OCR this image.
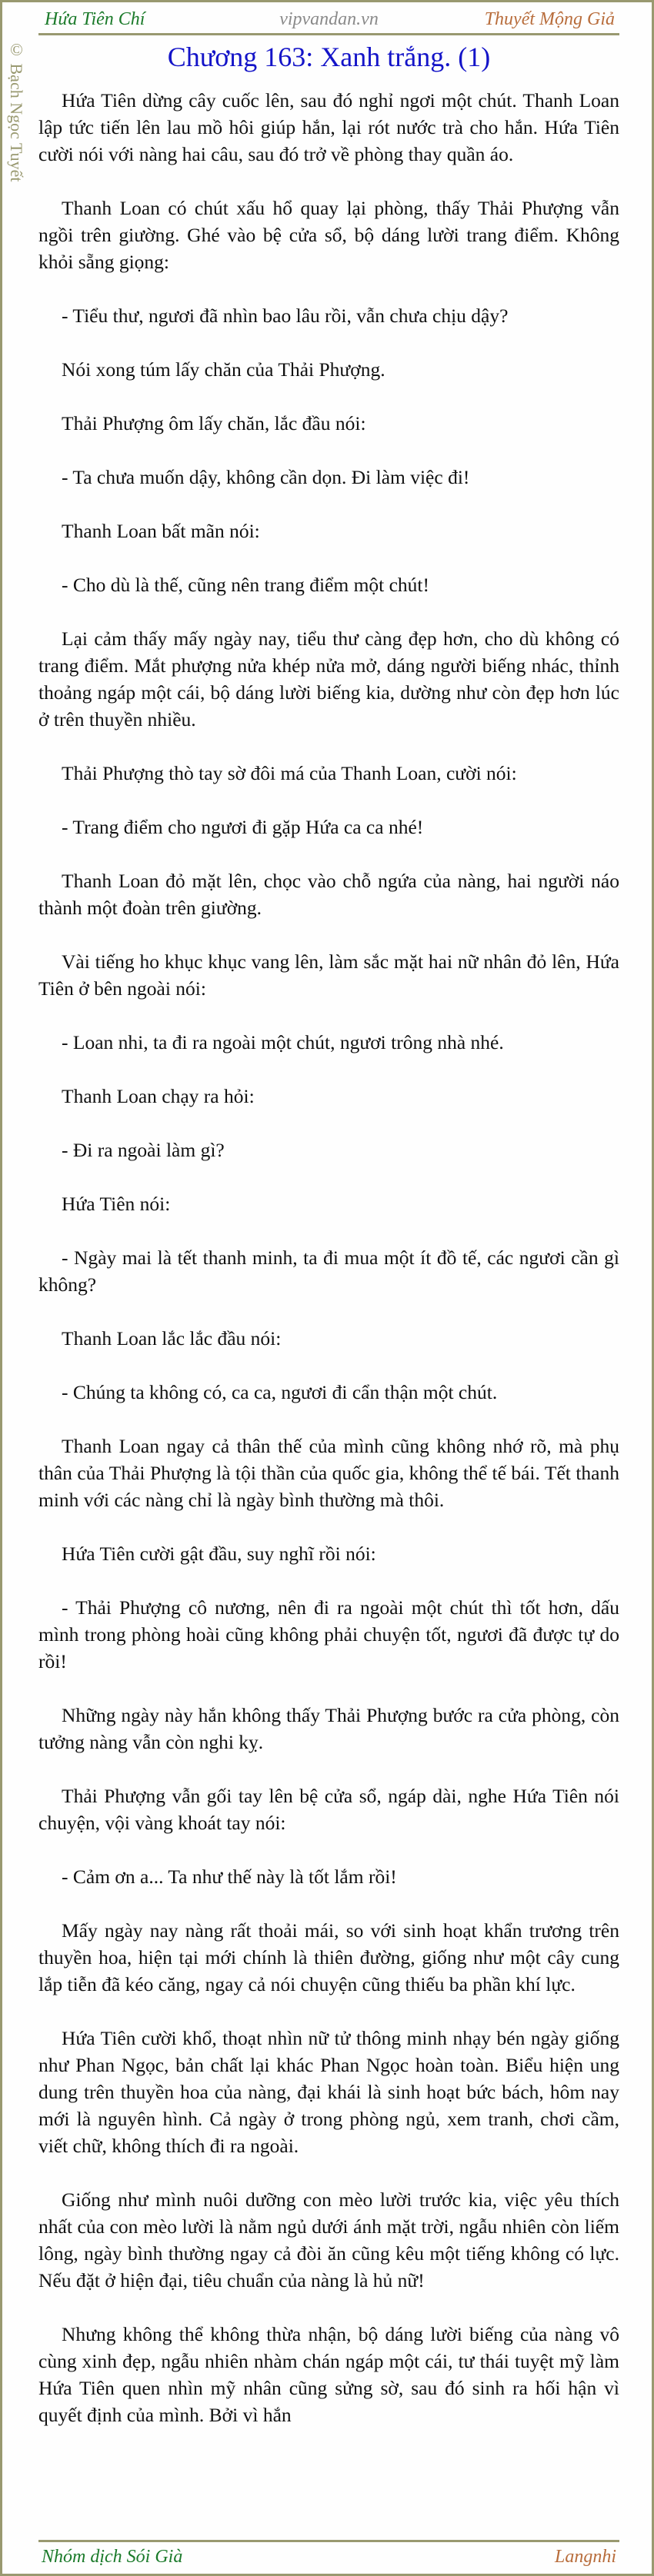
Hứa Tiên Chí	vipvandan.vn	Thuyết Mộng Giả
© Bạch Ngọc Tuyết	Chương 163: Xanh trắng. (1)

Hứa Tiên dừng cây cuốc lên, sau đó nghỉ ngơi một chút. Thanh Loan lập tức tiến lên lau mồ hôi giúp hắn, lại rót nước trà cho hắn. Hứa Tiên cười nói với nàng hai câu, sau đó trở về phòng thay quần áo.

Thanh Loan có chút xấu hổ quay lại phòng, thấy Thải Phượng vẫn ngồi trên giường. Ghé vào bệ cửa sổ, bộ dáng lười trang điểm. Không khỏi sẵng giọng:

- Tiểu thư, ngươi đã nhìn bao lâu rồi, vẫn chưa chịu dậy?

Nói xong túm lấy chăn của Thải Phượng.

Thải Phượng ôm lấy chăn, lắc đầu nói:

- Ta chưa muốn dậy, không cần dọn. Đi làm việc đi!

Thanh Loan bất mãn nói:

- Cho dù là thế, cũng nên trang điểm một chút!

Lại cảm thấy mấy ngày nay, tiểu thư càng đẹp hơn, cho dù không có trang điểm. Mắt phượng nửa khép nửa mở, dáng người biếng nhác, thỉnh thoảng ngáp một cái, bộ dáng lười biếng kia, dường như còn đẹp hơn lúc ở trên thuyền nhiều.

Thải Phượng thò tay sờ đôi má của Thanh Loan, cười nói:

- Trang điểm cho ngươi đi gặp Hứa ca ca nhé!

Thanh Loan đỏ mặt lên, chọc vào chỗ ngứa của nàng, hai người náo thành một đoàn trên giường.

Vài tiếng ho khục khục vang lên, làm sắc mặt hai nữ nhân đỏ lên, Hứa Tiên ở bên ngoài nói:

- Loan nhi, ta đi ra ngoài một chút, ngươi trông nhà nhé.

Thanh Loan chạy ra hỏi:

- Đi ra ngoài làm gì?

Hứa Tiên nói:

- Ngày mai là tết thanh minh, ta đi mua một ít đồ tế, các ngươi cần gì không?

Thanh Loan lắc lắc đầu nói:

- Chúng ta không có, ca ca, ngươi đi cẩn thận một chút.

Thanh Loan ngay cả thân thế của mình cũng không nhớ rõ, mà phụ thân của Thải Phượng là tội thần của quốc gia, không thể tế bái. Tết thanh minh với các nàng chỉ là ngày bình thường mà thôi.

Hứa Tiên cười gật đầu, suy nghĩ rồi nói:

- Thải Phượng cô nương, nên đi ra ngoài một chút thì tốt hơn, dấu mình trong phòng hoài cũng không phải chuyện tốt, ngươi đã được tự do rồi!

Những ngày này hắn không thấy Thải Phượng bước ra cửa phòng, còn tưởng nàng vẫn còn nghi kỵ.

Thải Phượng vẫn gối tay lên bệ cửa sổ, ngáp dài, nghe Hứa Tiên nói chuyện, vội vàng khoát tay nói:

- Cảm ơn a... Ta như thế này là tốt lắm rồi!

Mấy ngày nay nàng rất thoải mái, so với sinh hoạt khẩn trương trên thuyền hoa, hiện tại mới chính là thiên đường, giống như một cây cung lắp tiễn đã kéo căng, ngay cả nói chuyện cũng thiếu ba phần khí lực.

Hứa Tiên cười khổ, thoạt nhìn nữ tử thông minh nhạy bén ngày giống như Phan Ngọc, bản chất lại khác Phan Ngọc hoàn toàn. Biểu hiện ung dung trên thuyền hoa của nàng, đại khái là sinh hoạt bức bách, hôm nay mới là nguyên hình. Cả ngày ở trong phòng ngủ, xem tranh, chơi cầm, viết chữ, không thích đi ra ngoài.

Giống như mình nuôi dưỡng con mèo lười trước kia, việc yêu thích nhất của con mèo lười là nằm ngủ dưới ánh mặt trời, ngẫu nhiên còn liếm lông, ngày bình thường ngay cả đòi ăn cũng kêu một tiếng không có lực. Nếu đặt ở hiện đại, tiêu chuẩn của nàng là hủ nữ!

Nhưng không thể không thừa nhận, bộ dáng lười biếng của nàng vô cùng xinh đẹp, ngẫu nhiên nhàm chán ngáp một cái, tư thái tuyệt mỹ làm Hứa Tiên quen nhìn mỹ nhân cũng sửng sờ, sau đó sinh ra hối hận vì quyết định của mình. Bởi vì hắn

Nhóm dịch Sói Già	Langnhi
